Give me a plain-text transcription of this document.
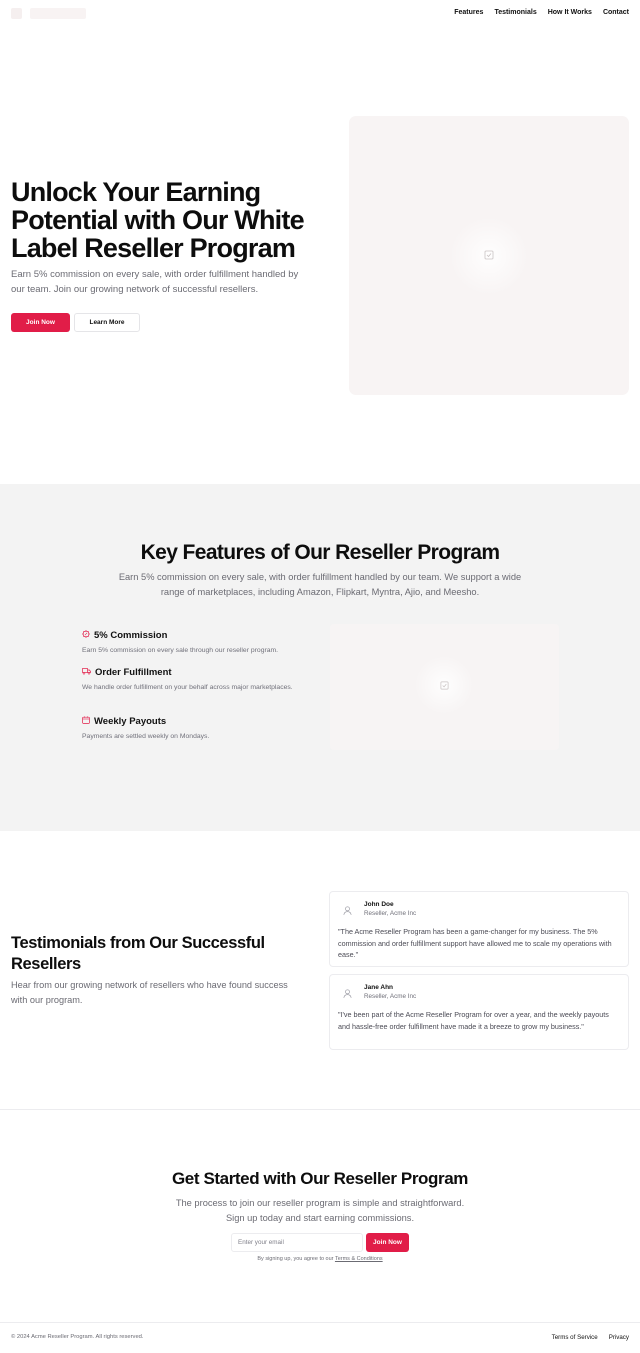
Features Testimonials How It Works Contact
Unlock Your Earning Potential with Our White Label Reseller Program

Earn 5% commission on every sale, with order fulfillment handled by our team. Join our growing network of successful resellers.

Join Now	Learn More
Key Features of Our Reseller Program

Earn 5% commission on every sale, with order fulfillment handled by our team. We support a wide range of marketplaces, including Amazon, Flipkart, Myntra, Ajio, and Meesho.

5% Commission
Earn 5% commission on every sale through our reseller program.
Order Fulfillment
We handle order fulfillment on your behalf across major marketplaces.
Weekly Payouts
Payments are settled weekly on Mondays.
Testimonials from Our Successful Resellers

Hear from our growing network of resellers who have found success with our program.

John Doe
Reseller, Acme Inc
"The Acme Reseller Program has been a game-changer for my business. The 5% commission and order fulfillment support have allowed me to scale my operations with ease."
Jane Ahn
Reseller, Acme Inc
"I've been part of the Acme Reseller Program for over a year, and the weekly payouts and hassle-free order fulfillment have made it a breeze to grow my business."
Get Started with Our Reseller Program

The process to join our reseller program is simple and straightforward. Sign up today and start earning commissions.

Enter your email
Join Now
By signing up, you agree to our Terms & Conditions
© 2024 Acme Reseller Program. All rights reserved.	Terms of Service Privacy
